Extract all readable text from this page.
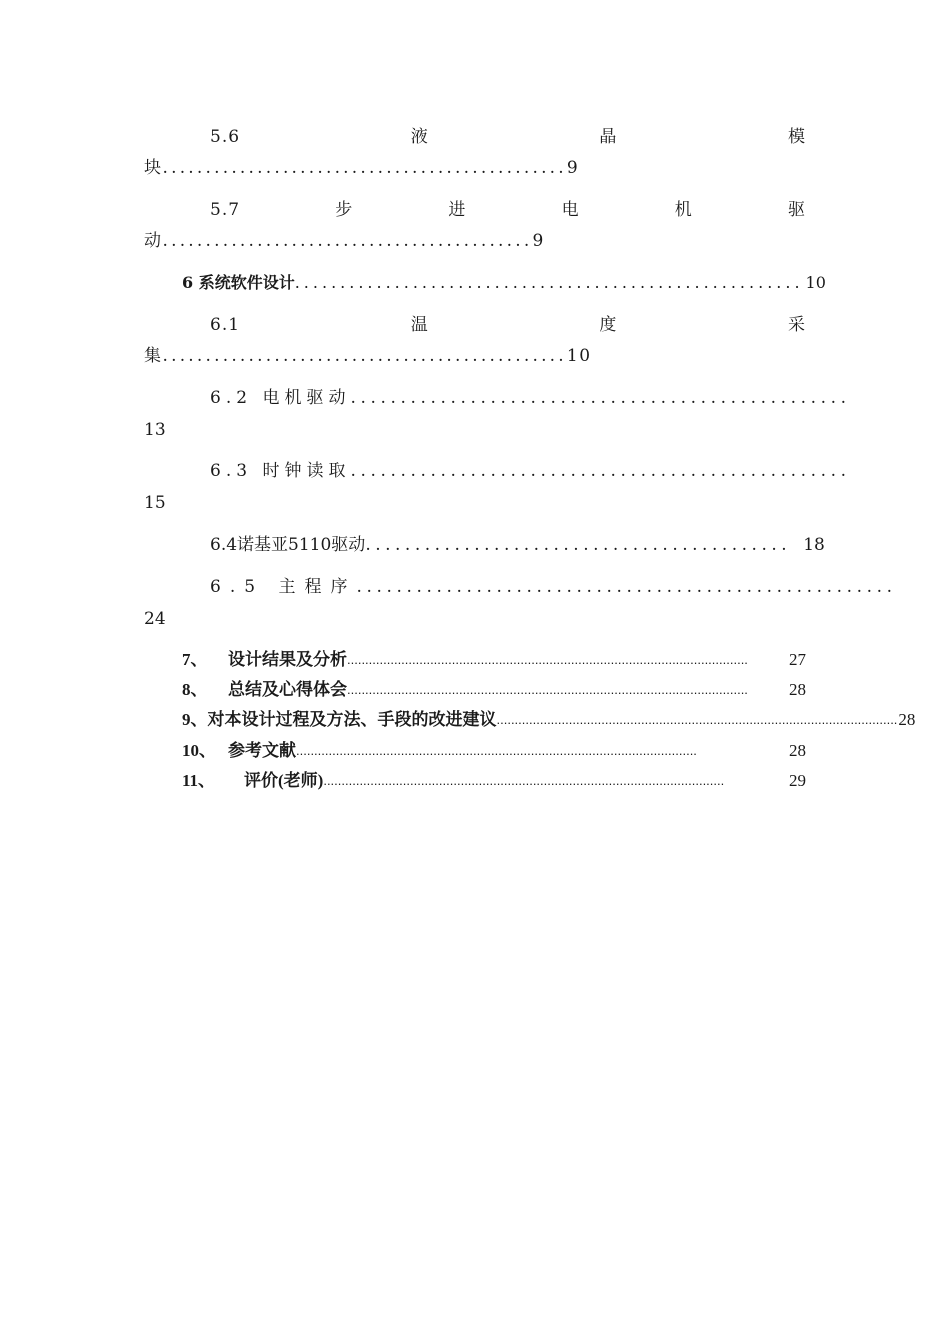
5.6	液	晶	模
块...............................................9
5.7	步	进	电	机	驱
动...........................................9
6 系统软件设计 ........................................................ 10
6.1	温	度	采
集...............................................10
6.2 电机驱动 ..................................................
13
6.3 时钟读取 ..................................................
15
6.4诺基亚5110驱动 ........................................... 18
6.5 主程序 ......................................................
24
7、	设计结果及分析 ...............................................................................................................	27
8、	总结及心得体会 ...............................................................................................................	28
9、 对本设计过程及方法、手段的改进建议 ............................................................................................................... 28
10、 参考文献 ...............................................................................................................	28
11、	评价(老师) ...............................................................................................................	29
